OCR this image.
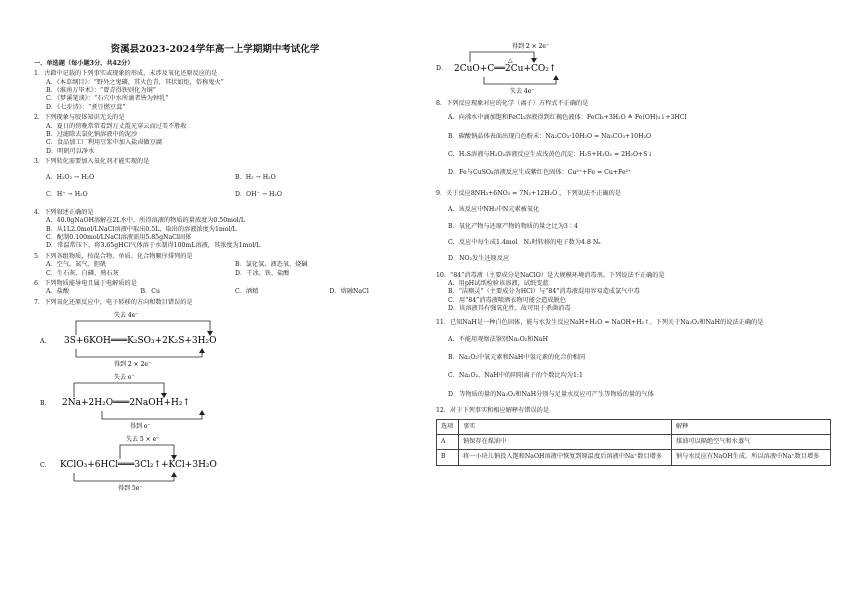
资溪县2023-2024学年高一上学期期中考试化学
一、单选题（每小题3分，共42分）
1．古籍中记载的下列事实或现象的形成，未涉及氧化还原反应的是
A．《本草纲目》：“野外之鬼磷，其火色青，其状如炬，俗称鬼火”
B．《淮南万毕术》：“曾青得铁则化为铜”
C．《梦溪笔谈》：“石穴中水所滴者皆为钟乳”
D．《七步诗》：“煮豆燃豆萁”
2．下列现象与胶体知识无关的是
A．夏日的傍晚常常看到万丈霞光穿云而过美不胜收
B．过滤除去氯化钠溶液中的泥沙
C．食品加工厂利用豆浆中加入盐卤做豆腐
D．明矾可以净水
3．下列转化需要加入氧化剂才能实现的是
A．H₂O₂ → H₂O	B．H₂ → H₂O
C．H⁺ → H₂O	D．OH⁻ → H₂O
4．下列叙述正确的是
A．40.0gNaOH溶解在2L水中，所得溶液的物质的量浓度为0.50mol/L
B．从1L2.0mol/LNaCl溶液中取出0.5L，取出的溶液浓度为1mol/L
C．配制0.100mol/LNaCl溶液需用5.85gNaCl固体
D．常温常压下，将3.65gHCl气体溶于水制得100mL溶液，其浓度为1mol/L
5．下列各组物质，按混合物、单质、化合物顺序排列的是
A．空气、氮气、胆矾	B．氯化氢、液态氧、烧碱
C．生石灰、白磷、熟石灰	D．干冰、铁、盐酸
6．下列物质能导电且属于电解质的是
A．盐酸	B．Cu	C．酒精	D．熔融NaCl
7．下列氧化还原反应中，电子转移的方向和数目错误的是
A．
失去 4e⁻
3S+6KOH═══K₂SO₃+2K₂S+3H₂O
得到 2 × 2e⁻
B．
失去 e⁻
2Na+2H₂O═══2NaOH+H₂↑
得到 e⁻
C．
失去 5 × e⁻
KClO₃+6HCl═══3Cl₂↑+KCl+3H₂O
得到 5e⁻
D．
得到 2 × 2e⁻
△
2CuO+C══2Cu+CO₂↑
失去 4e⁻
8．下列反应现象对应的化学（离子）方程式不正确的是
A．向沸水中滴加饱和FeCl₃溶液得到红褐色液体：FeCl₃+3H₂O ≜ Fe(OH)₃↓+3HCl
B．碳酸钠晶体表面出现白色粉末：Na₂CO₃·10H₂O = Na₂CO₃+10H₂O
C．H₂S溶液与H₂O₂溶液反应生成浅黄色沉淀：H₂S+H₂O₂ = 2H₂O+S↓
D．Fe与CuSO₄溶液反应生成紫红色固体：Cu²⁺+Fe = Cu+Fe²⁺
9．关于反应8NH₃+6NO₂ = 7N₂+12H₂O ，下列说法不正确的是
A．该反应中NH₃中N元素被氧化
B．氧化产物与还原产物的物质的量之比为3∶4
C．反应中每生成1.4mol　N₂时转移的电子数为4.8 Nₐ
D．NO₂发生还原反应
10．“84”消毒液（主要成分是NaClO）是大规模环境消毒剂。下列说法不正确的是
A．用pH试纸检验该溶液，试纸变蓝
B．“洁厕灵”（主要成分为HCl）与“84”消毒液混用容易造成氯气中毒
C．用“84”消毒液喷洒衣物可能会造成脱色
D．该溶液具有强氧化性，故可用于杀菌消毒
11．已知NaH是一种白色固体，能与水发生反应NaH+H₂O = NaOH+H₂↑。下列关于Na₂O₂和NaH的说法正确的是
A．不能用观察法鉴别Na₂O₂和NaH
B．Na₂O₂中氧元素和NaH中氢元素的化合价相同
C．Na₂O₂、NaH中的阴阳离子的个数比均为1:1
D．等物质的量的Na₂O₂和NaH分别与足量水反应可产生等物质的量的气体
12．对于下列事实和相应解释有错误的是
选项	事实	解释
A	钠保存在煤油中	煤油可以隔绝空气和水蒸气
B	将一小块儿钠投入饱和NaOH溶液中恢复到原温度后溶液中Na⁺数目增多	钠与水反应有NaOH生成，所以溶液中Na⁺数目增多
